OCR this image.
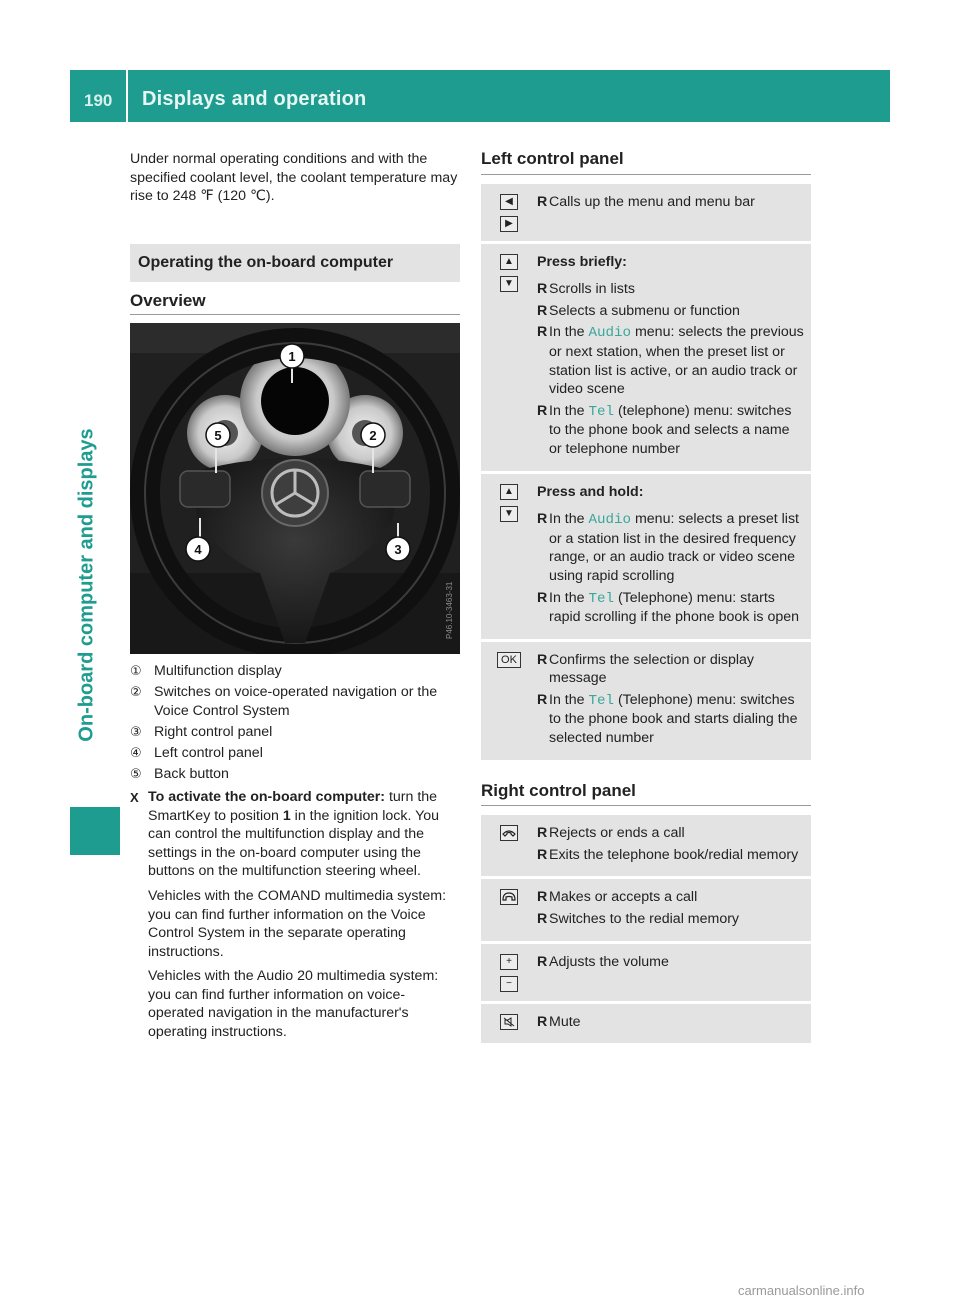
190 Displays and operation
On-board computer and displays

Under normal operating conditions and with the specified coolant level, the coolant temperature may rise to 248 ℉ (120 ℃).

Operating the on-board computer
Overview
1
2
3
4
5
P46.10-3463-31
① Multifunction display
② Switches on voice-operated navigation or the Voice Control System
③ Right control panel
④ Left control panel
⑤ Back button
X To activate the on-board computer: turn the SmartKey to position 1 in the ignition lock. You can control the multifunction display and the settings in the on-board computer using the buttons on the multifunction steering wheel.

Vehicles with the COMAND multimedia system: you can find further information on the Voice Control System in the separate operating instructions.

Vehicles with the Audio 20 multimedia system: you can find further information on voice-operated navigation in the manufacturer's operating instructions.

Left control panel
◀
▶
R Calls up the menu and menu bar
▲
▼
Press briefly:
R Scrolls in lists
R Selects a submenu or function
R In the Audio menu: selects the previous or next station, when the preset list or station list is active, or an audio track or video scene
R In the Tel (telephone) menu: switches to the phone book and selects a name or telephone number
▲
▼
Press and hold:
R In the Audio menu: selects a preset list or a station list in the desired frequency range, or an audio track or video scene using rapid scrolling
R In the Tel (Telephone) menu: starts rapid scrolling if the phone book is open
OK R Confirms the selection or display message
R In the Tel (Telephone) menu: switches to the phone book and starts dialing the selected number
Right control panel
R Rejects or ends a call
R Exits the telephone book/redial memory
R Makes or accepts a call
R Switches to the redial memory
+
−
R Adjusts the volume
R Mute
carmanualsonline.info
